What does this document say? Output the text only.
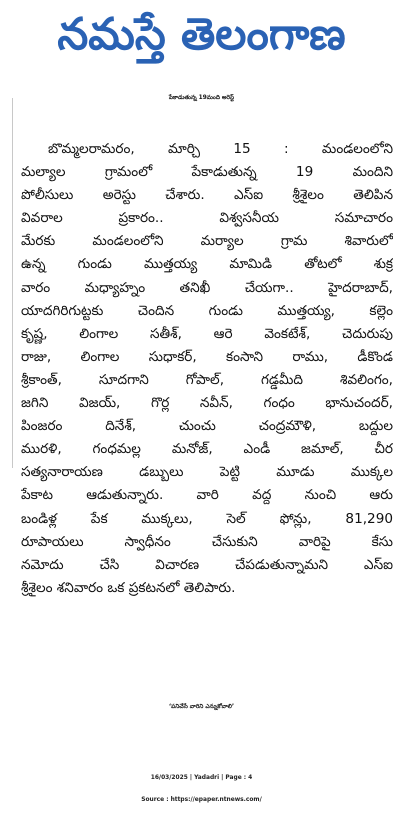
నమస్తే తెలంగాణ
పేకాడుతున్న 19మంది అరెస్ట్
బొమ్మలరామరం, మార్చి 15 : మండలంలోని
మల్యాల గ్రామంలో పేకాడుతున్న 19 మందిని
పోలీసులు అరెస్టు చేశారు. ఎస్ఐ శ్రీశైలం తెలిపిన
వివరాల ప్రకారం.. విశ్వసనీయ సమాచారం
మేరకు మండలంలోని మర్యాల గ్రామ శివారులో
ఉన్న గుండు ముత్తయ్య మామిడి తోటలో శుక్ర
వారం మధ్యాహ్నం తనిఖీ చేయగా.. హైదరాబాద్,
యాదగిరిగుట్టకు చెందిన గుండు ముత్తయ్య, కల్లెం
కృష్ణ, లింగాల సతీశ్, ఆరె వెంకటేశ్, చెదురుపు
రాజు, లింగాల సుధాకర్, కంసాని రాము, డీకొండ
శ్రీకాంత్, సూదగాని గోపాల్, గడ్డమీది శివలింగం,
జగిని విజయ్, గొర్ల నవీన్, గంధం భానుచందర్,
పింజరం దినేశ్, చుంచు చంద్రమౌళి, బద్దుల
మురళి, గంధమల్ల మనోజ్, ఎండీ జమాల్, చీర
సత్యనారాయణ డబ్బులు పెట్టి మూడు ముక్కల
పేకాట ఆడుతున్నారు. వారి వద్ద నుంచి ఆరు
బండిళ్ల పేక ముక్కలు, సెల్ ఫోన్లు, 81,290
రూపాయలు స్వాధీనం చేసుకుని వారిపై కేసు
నమోదు చేసి విచారణ చేపడుతున్నామని ఎస్ఐ
శ్రీశైలం శనివారం ఒక ప్రకటనలో తెలిపారు.
‘పనిచేసే వారిని ఎన్నుకోవాలి’
16/03/2025 | Yadadri | Page : 4
Source : https://epaper.ntnews.com/
